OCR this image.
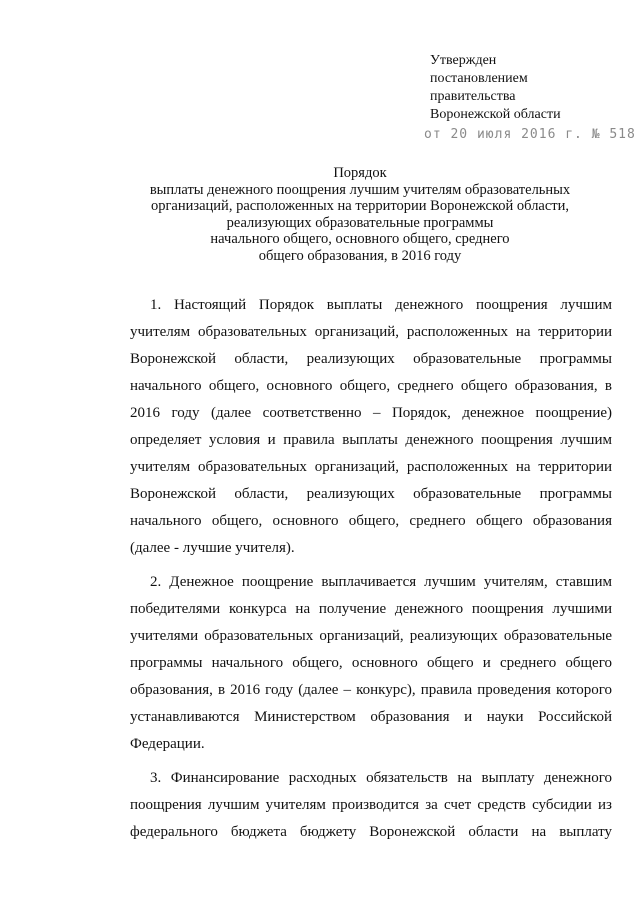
Утвержден
постановлением
правительства
Воронежской области
от 20 июля 2016 г. № 518
Порядок
выплаты денежного поощрения лучшим учителям образовательных
организаций, расположенных на территории Воронежской области,
реализующих образовательные программы
начального общего, основного общего, среднего
общего образования, в 2016 году

1. Настоящий Порядок выплаты денежного поощрения лучшим учителям образовательных организаций, расположенных на территории Воронежской области, реализующих образовательные программы начального общего, основного общего, среднего общего образования, в 2016 году (далее соответственно – Порядок, денежное поощрение) определяет условия и правила выплаты денежного поощрения лучшим учителям образовательных организаций, расположенных на территории Воронежской области, реализующих образовательные программы начального общего, основного общего, среднего общего образования (далее - лучшие учителя).

2. Денежное поощрение выплачивается лучшим учителям, ставшим победителями конкурса на получение денежного поощрения лучшими учителями образовательных организаций, реализующих образовательные программы начального общего, основного общего и среднего общего образования, в 2016 году (далее – конкурс), правила проведения которого устанавливаются Министерством образования и науки Российской Федерации.

3. Финансирование расходных обязательств на выплату денежного поощрения лучшим учителям производится за счет средств субсидии из федерального бюджета бюджету Воронежской области на выплату
